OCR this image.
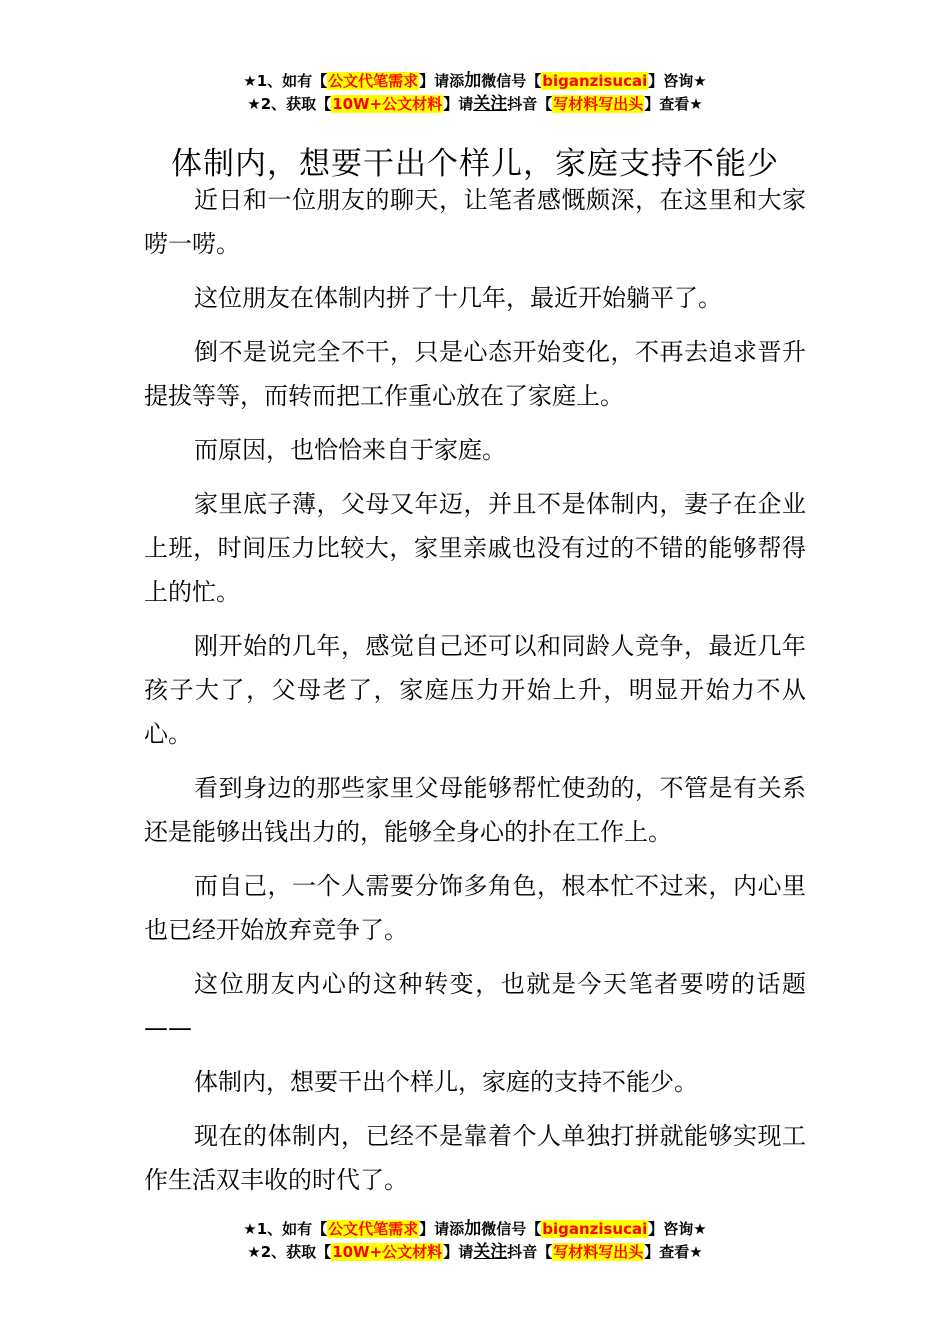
★1、如有【公文代笔需求】请添加微信号【biganzisucai】咨询★
★2、获取【10W+公文材料】请关注抖音【写材料写出头】查看★
体制内，想要干出个样儿，家庭支持不能少

近日和一位朋友的聊天，让笔者感慨颇深，在这里和大家唠一唠。

这位朋友在体制内拼了十几年，最近开始躺平了。

倒不是说完全不干，只是心态开始变化，不再去追求晋升提拔等等，而转而把工作重心放在了家庭上。

而原因，也恰恰来自于家庭。

家里底子薄，父母又年迈，并且不是体制内，妻子在企业上班，时间压力比较大，家里亲戚也没有过的不错的能够帮得上的忙。

刚开始的几年，感觉自己还可以和同龄人竞争，最近几年孩子大了，父母老了，家庭压力开始上升，明显开始力不从心。

看到身边的那些家里父母能够帮忙使劲的，不管是有关系还是能够出钱出力的，能够全身心的扑在工作上。

而自己，一个人需要分饰多角色，根本忙不过来，内心里也已经开始放弃竞争了。

这位朋友内心的这种转变，也就是今天笔者要唠的话题——

体制内，想要干出个样儿，家庭的支持不能少。

现在的体制内，已经不是靠着个人单独打拼就能够实现工作生活双丰收的时代了。

★1、如有【公文代笔需求】请添加微信号【biganzisucai】咨询★
★2、获取【10W+公文材料】请关注抖音【写材料写出头】查看★
